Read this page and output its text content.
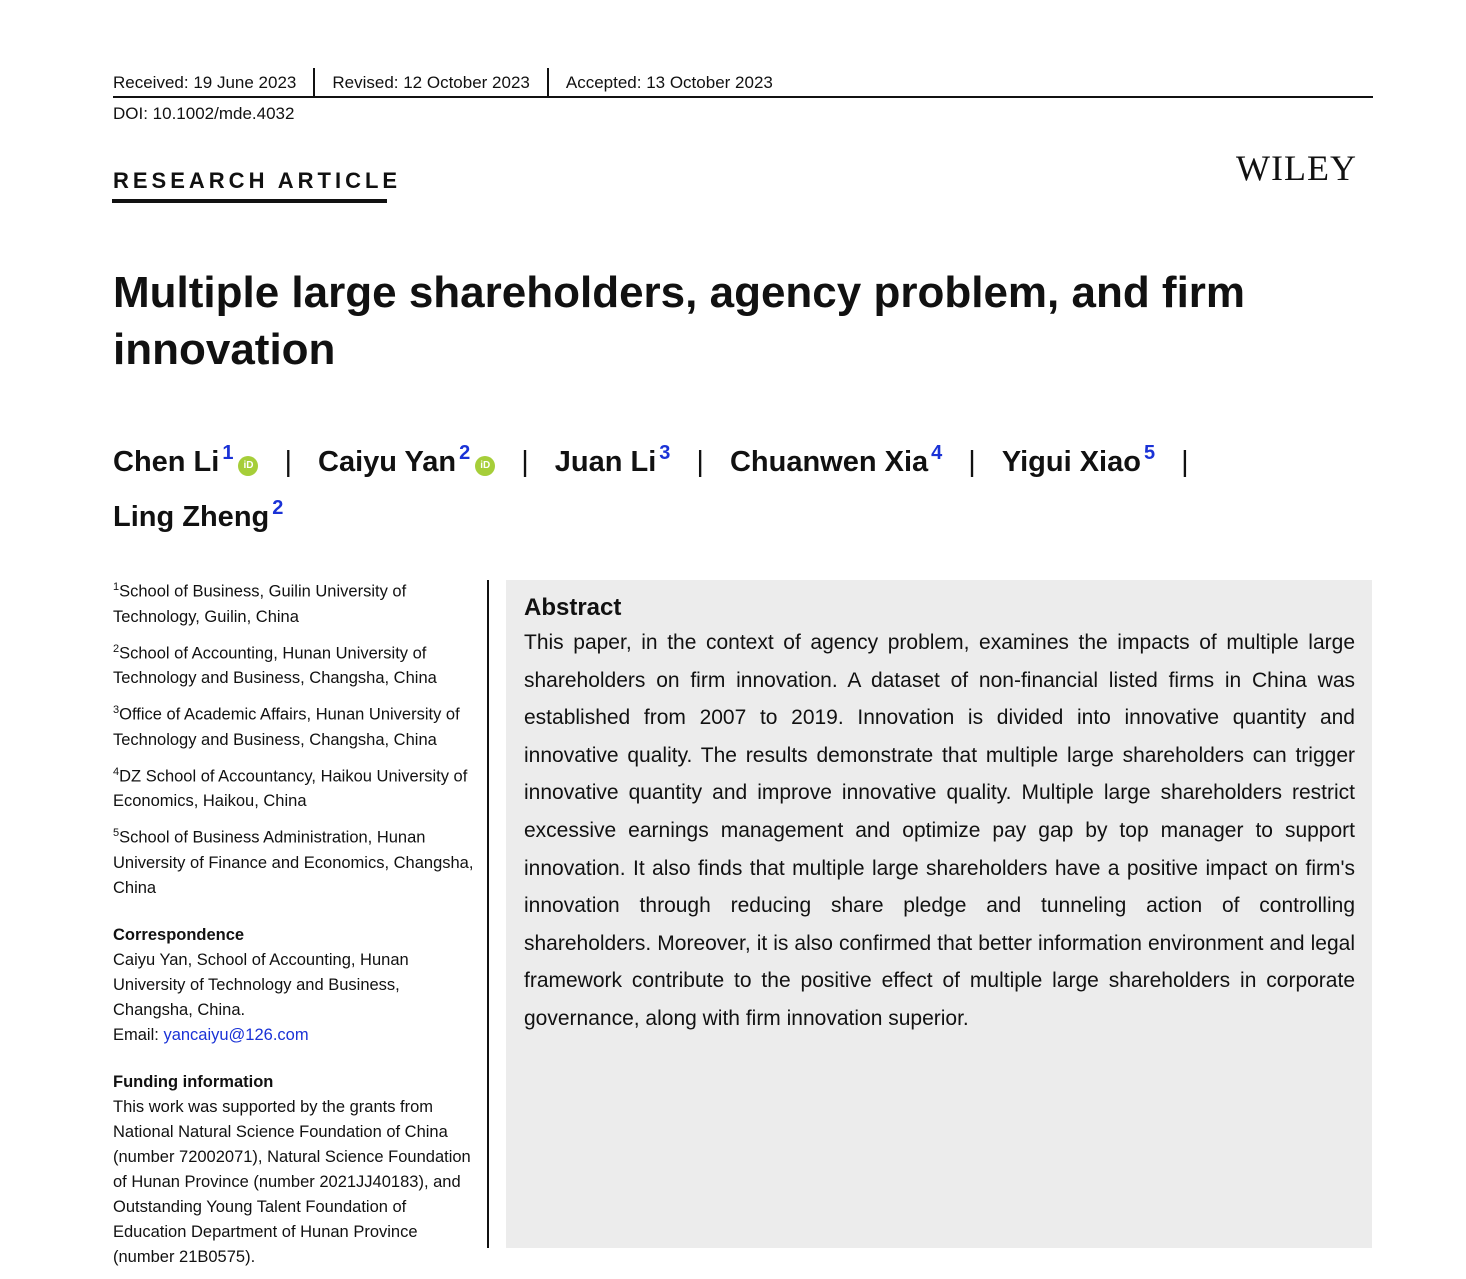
Received: 19 June 2023	Revised: 12 October 2023	Accepted: 13 October 2023
DOI: 10.1002/mde.4032
RESEARCH ARTICLE	WILEY
Multiple large shareholders, agency problem, and firm innovation
Chen Li $^1$iD | Caiyu Yan $^2$iD | Juan Li $^3$ | Chuanwen Xia $^4$ | Yigui Xiao $^5$ |
Ling Zheng $^2$
$^1$School of Business, Guilin University of Technology, Guilin, China
$^2$School of Accounting, Hunan University of Technology and Business, Changsha, China
$^3$Office of Academic Affairs, Hunan University of Technology and Business, Changsha, China
$^4$DZ School of Accountancy, Haikou University of Economics, Haikou, China
$^5$School of Business Administration, Hunan University of Finance and Economics, Changsha, China
Correspondence
Caiyu Yan, School of Accounting, Hunan University of Technology and Business, Changsha, China.
Email: yancaiyu@126.com
Funding information
This work was supported by the grants from National Natural Science Foundation of China (number 72002071), Natural Science Foundation of Hunan Province (number 2021JJ40183), and Outstanding Young Talent Foundation of Education Department of Hunan Province (number 21B0575).
Abstract

This paper, in the context of agency problem, examines the impacts of multiple large shareholders on firm innovation. A dataset of non-financial listed firms in China was established from 2007 to 2019. Innovation is divided into innovative quantity and innovative quality. The results demonstrate that multiple large shareholders can trigger innovative quantity and improve innovative quality. Multiple large shareholders restrict excessive earnings management and optimize pay gap by top manager to support innovation. It also finds that multiple large shareholders have a positive impact on firm's innovation through reducing share pledge and tunneling action of controlling shareholders. Moreover, it is also confirmed that better information environment and legal framework contribute to the positive effect of multiple large shareholders in corporate governance, along with firm innovation superior.
